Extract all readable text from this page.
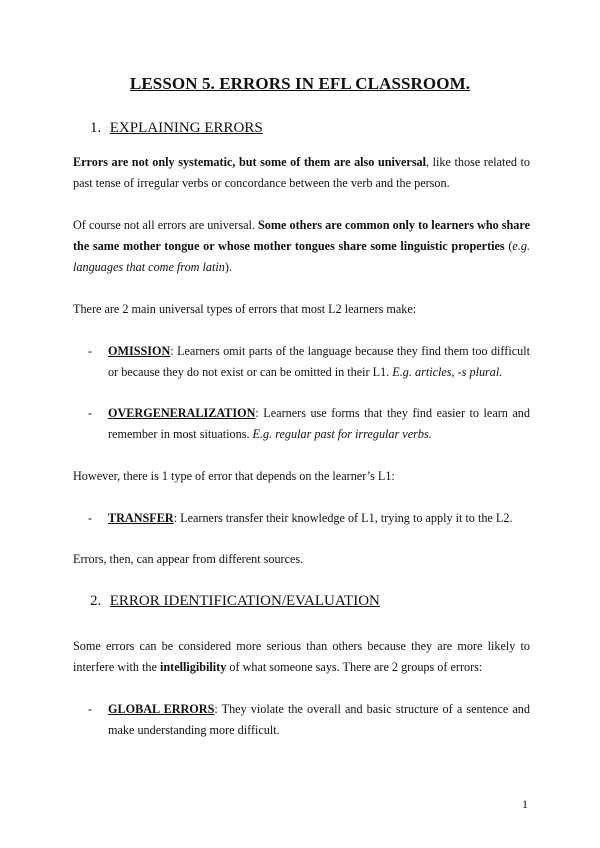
LESSON 5. ERRORS IN EFL CLASSROOM.
1. EXPLAINING ERRORS
Errors are not only systematic, but some of them are also universal, like those related to past tense of irregular verbs or concordance between the verb and the person.
Of course not all errors are universal. Some others are common only to learners who share the same mother tongue or whose mother tongues share some linguistic properties (e.g. languages that come from latin).
There are 2 main universal types of errors that most L2 learners make:
- OMISSION: Learners omit parts of the language because they find them too difficult or because they do not exist or can be omitted in their L1. E.g. articles, -s plural.
- OVERGENERALIZATION: Learners use forms that they find easier to learn and remember in most situations. E.g. regular past for irregular verbs.
However, there is 1 type of error that depends on the learner’s L1:
- TRANSFER: Learners transfer their knowledge of L1, trying to apply it to the L2.
Errors, then, can appear from different sources.
2. ERROR IDENTIFICATION/EVALUATION
Some errors can be considered more serious than others because they are more likely to interfere with the intelligibility of what someone says. There are 2 groups of errors:
- GLOBAL ERRORS: They violate the overall and basic structure of a sentence and make understanding more difficult.
1
